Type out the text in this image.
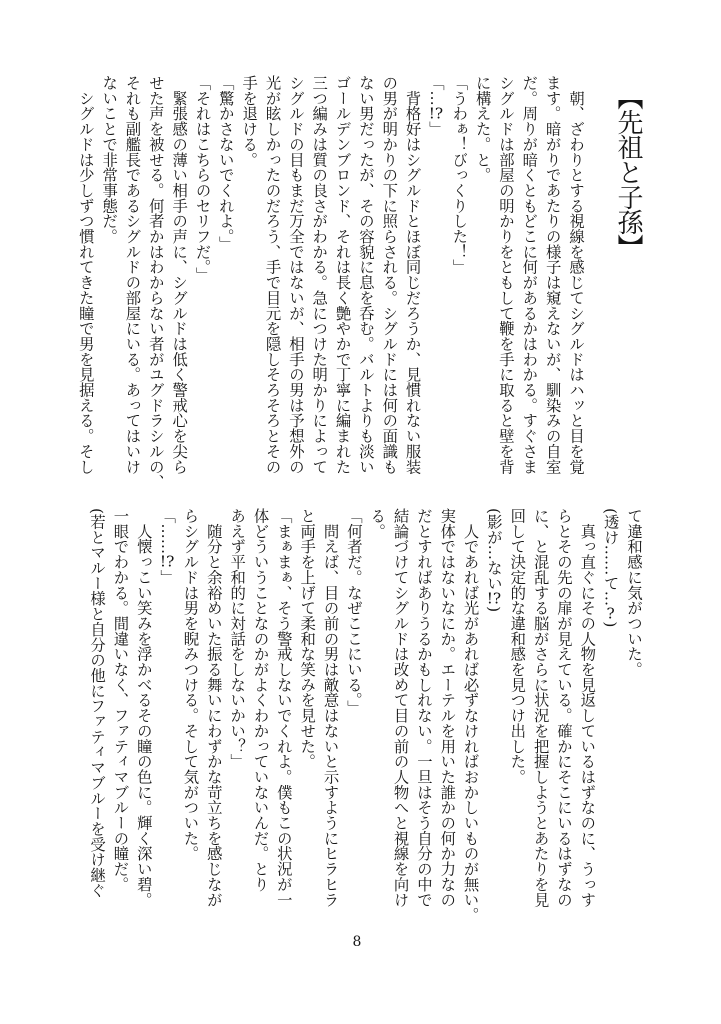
【先祖と子孫】
　朝、ざわりとする視線を感じてシグルドはハッと目を覚
ます。暗がりであたりの様子は窺えないが、馴染みの自室
だ。周りが暗くともどこに何があるかはわかる。すぐさま
シグルドは部屋の明かりをともして鞭を手に取ると壁を背
に構えた。と。
「うわぁ！びっくりした！」
「…!?」
　背格好はシグルドとほぼ同じだろうか、見慣れない服装
の男が明かりの下に照らされる。シグルドには何の面識も
ない男だったが、その容貌に息を呑む。バルトよりも淡い
ゴールデンブロンド、それは長く艶やかで丁寧に編まれた
三つ編みは質の良さがわかる。急につけた明かりによって
シグルドの目もまだ万全ではないが、相手の男は予想外の
光が眩しかったのだろう、手で目元を隠しそろそろとその
手を退ける。
「驚かさないでくれよ。」
「それはこちらのセリフだ。」
　緊張感の薄い相手の声に、シグルドは低く警戒心を尖ら
せた声を被せる。何者かはわからない者がユグドラシルの、
それも副艦長であるシグルドの部屋にいる。あってはいけ
ないことで非常事態だ。
　シグルドは少しずつ慣れてきた瞳で男を見据える。そし
て違和感に気がついた。
(透け……て…?)
　真っ直ぐにその人物を見返しているはずなのに、うっす
らとその先の扉が見えている。確かにそこにいるはずなの
に、と混乱する脳がさらに状況を把握しようとあたりを見
回して決定的な違和感を見つけ出した。
(影が…ない!?)
　人であれば光があれば必ずなければおかしいものが無い。
実体ではないなにか。エーテルを用いた誰かの何か力なの
だとすればありうるかもしれない。一旦はそう自分の中で
結論づけてシグルドは改めて目の前の人物へと視線を向け
る。
「何者だ。なぜここにいる。」
　問えば、目の前の男は敵意はないと示すようにヒラヒラ
と両手を上げて柔和な笑みを見せた。
「まぁまぁ、そう警戒しないでくれよ。僕もこの状況が一
体どういうことなのかがよくわかっていないんだ。とり
あえず平和的に対話をしないかい？」
　随分と余裕めいた振る舞いにわずかな苛立ちを感じなが
らシグルドは男を睨みつける。そして気がついた。
「……!?」
　人懐っこい笑みを浮かべるその瞳の色に。輝く深い碧。
一眼でわかる。間違いなく、ファティマブルーの瞳だ。
(若とマルー様と自分の他にファティマブルーを受け継ぐ
8
